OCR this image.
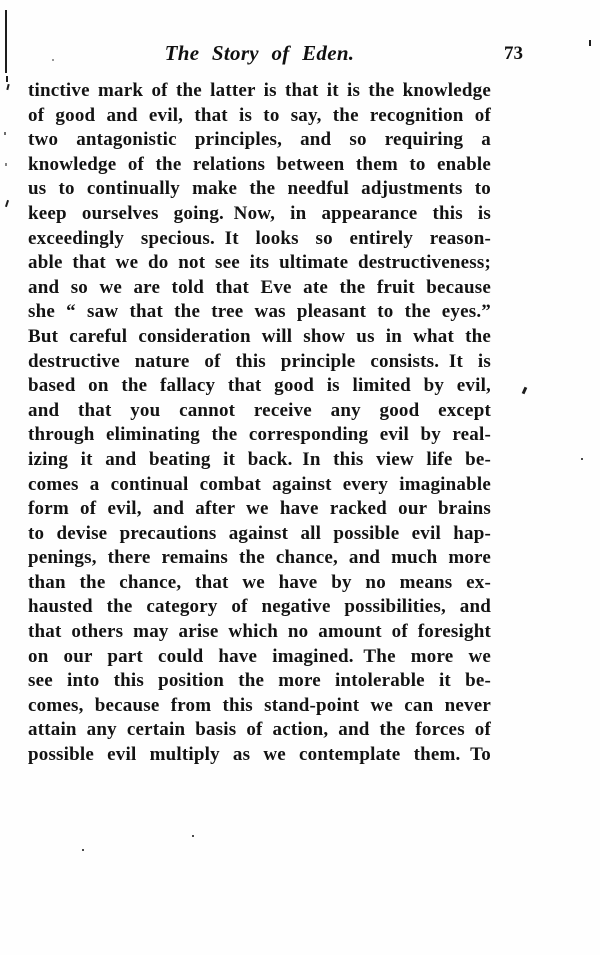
The Story of Eden.	73
tinctive mark of the latter is that it is the knowledge
of good and evil, that is to say, the recognition of
two antagonistic principles, and so requiring a
knowledge of the relations between them to enable
us to continually make the needful adjustments to
keep ourselves going. Now, in appearance this is
exceedingly specious. It looks so entirely reason-
able that we do not see its ultimate destructiveness;
and so we are told that Eve ate the fruit because
she “ saw that the tree was pleasant to the eyes.”
But careful consideration will show us in what the
destructive nature of this principle consists. It is
based on the fallacy that good is limited by evil,
and that you cannot receive any good except
through eliminating the corresponding evil by real-
izing it and beating it back. In this view life be-
comes a continual combat against every imaginable
form of evil, and after we have racked our brains
to devise precautions against all possible evil hap-
penings, there remains the chance, and much more
than the chance, that we have by no means ex-
hausted the category of negative possibilities, and
that others may arise which no amount of foresight
on our part could have imagined. The more we
see into this position the more intolerable it be-
comes, because from this stand-point we can never
attain any certain basis of action, and the forces of
possible evil multiply as we contemplate them. To
